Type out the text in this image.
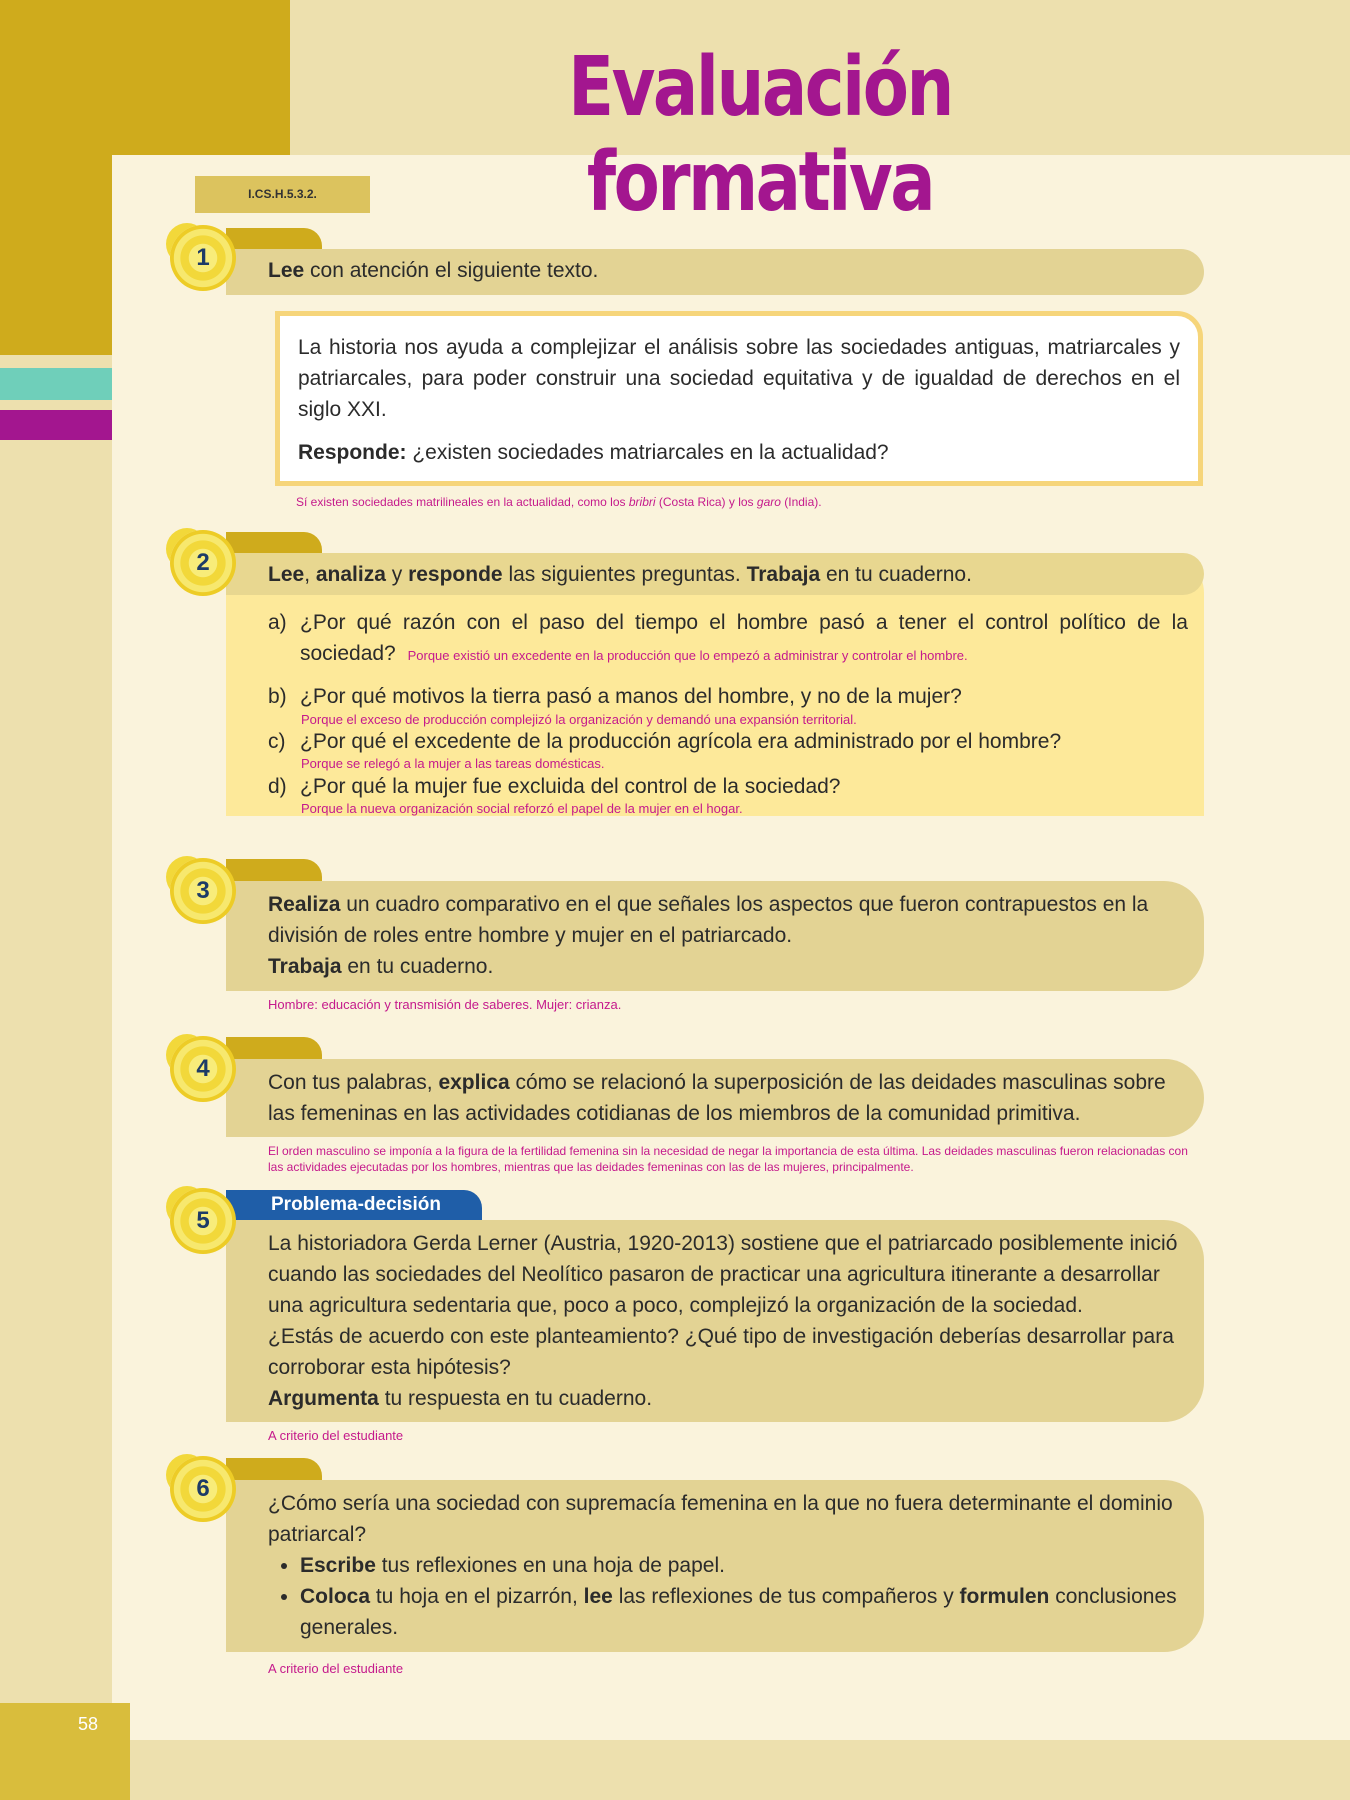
58
Evaluación formativa
I.CS.H.5.3.2.
Lee con atención el siguiente texto.
1

La historia nos ayuda a complejizar el análisis sobre las sociedades antiguas, matriarcales y patriarcales, para poder construir una sociedad equitativa y de igualdad de derechos en el siglo XXI.

Responde: ¿existen sociedades matriarcales en la actualidad?

Sí existen sociedades matrilineales en la actualidad, como los bribri (Costa Rica) y los garo (India).
Lee, analiza y responde las siguientes preguntas. Trabaja en tu cuaderno.
2
a) ¿Por qué razón con el paso del tiempo el hombre pasó a tener el control político de la sociedad? Porque existió un excedente en la producción que lo empezó a administrar y controlar el hombre.
b) ¿Por qué motivos la tierra pasó a manos del hombre, y no de la mujer?
Porque el exceso de producción complejizó la organización y demandó una expansión territorial.
c) ¿Por qué el excedente de la producción agrícola era administrado por el hombre?
Porque se relegó a la mujer a las tareas domésticas.
d) ¿Por qué la mujer fue excluida del control de la sociedad?
Porque la nueva organización social reforzó el papel de la mujer en el hogar.
Realiza un cuadro comparativo en el que señales los aspectos que fueron contrapuestos en la división de roles entre hombre y mujer en el patriarcado.
Trabaja en tu cuaderno.
3
Hombre: educación y transmisión de saberes. Mujer: crianza.
Con tus palabras, explica cómo se relacionó la superposición de las deidades masculinas sobre las femeninas en las actividades cotidianas de los miembros de la comunidad primitiva.
4
El orden masculino se imponía a la figura de la fertilidad femenina sin la necesidad de negar la importancia de esta última. Las deidades masculinas fueron relacionadas con las actividades ejecutadas por los hombres, mientras que las deidades femeninas con las de las mujeres, principalmente.
Problema-decisión
La historiadora Gerda Lerner (Austria, 1920-2013) sostiene que el patriarcado posiblemente inició cuando las sociedades del Neolítico pasaron de practicar una agricultura itinerante a desarrollar una agricultura sedentaria que, poco a poco, complejizó la organización de la sociedad.
¿Estás de acuerdo con este planteamiento? ¿Qué tipo de investigación deberías desarrollar para corroborar esta hipótesis?
Argumenta tu respuesta en tu cuaderno.
5
A criterio del estudiante
¿Cómo sería una sociedad con supremacía femenina en la que no fuera determinante el dominio patriarcal?
• Escribe tus reflexiones en una hoja de papel.
• Coloca tu hoja en el pizarrón, lee las reflexiones de tus compañeros y formulen conclusiones generales.
6
A criterio del estudiante
